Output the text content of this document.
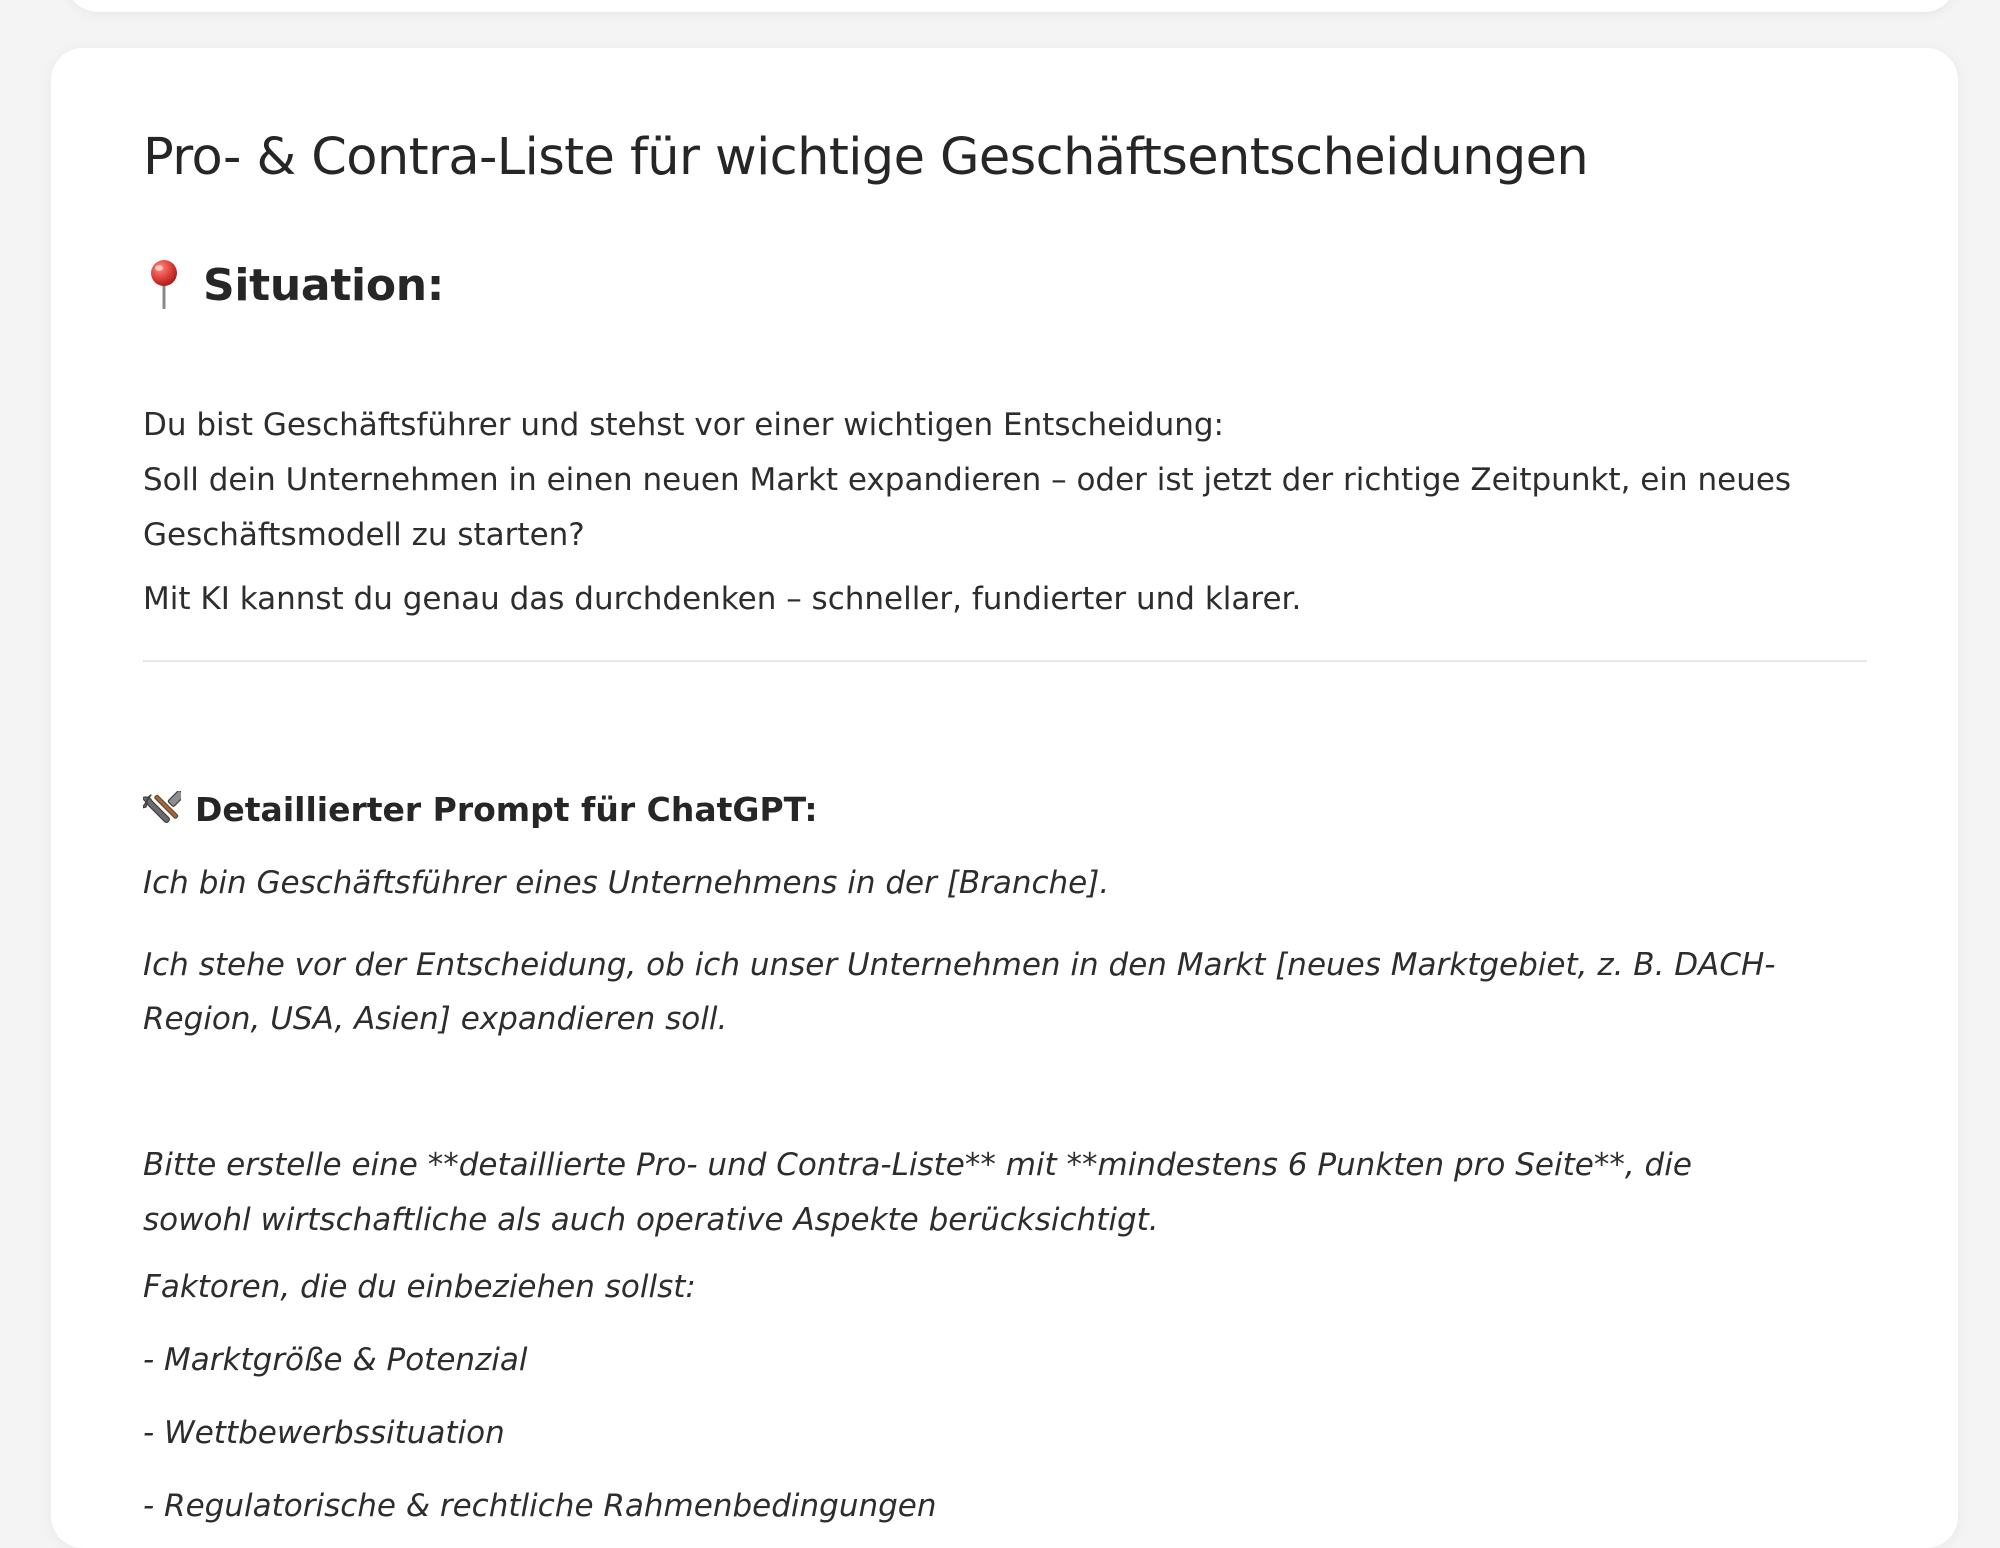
Pro- & Contra-Liste für wichtige Geschäftsentscheidungen
Situation:

Du bist Geschäftsführer und stehst vor einer wichtigen Entscheidung:

Soll dein Unternehmen in einen neuen Markt expandieren – oder ist jetzt der richtige Zeitpunkt, ein neues

Geschäftsmodell zu starten?

Mit KI kannst du genau das durchdenken – schneller, fundierter und klarer.

Detaillierter Prompt für ChatGPT:

Ich bin Geschäftsführer eines Unternehmens in der [Branche].

Ich stehe vor der Entscheidung, ob ich unser Unternehmen in den Markt [neues Marktgebiet, z. B. DACH-

Region, USA, Asien] expandieren soll.

Bitte erstelle eine **detaillierte Pro- und Contra-Liste** mit **mindestens 6 Punkten pro Seite**, die

sowohl wirtschaftliche als auch operative Aspekte berücksichtigt.

Faktoren, die du einbeziehen sollst:

- Marktgröße & Potenzial

- Wettbewerbssituation

- Regulatorische & rechtliche Rahmenbedingungen
